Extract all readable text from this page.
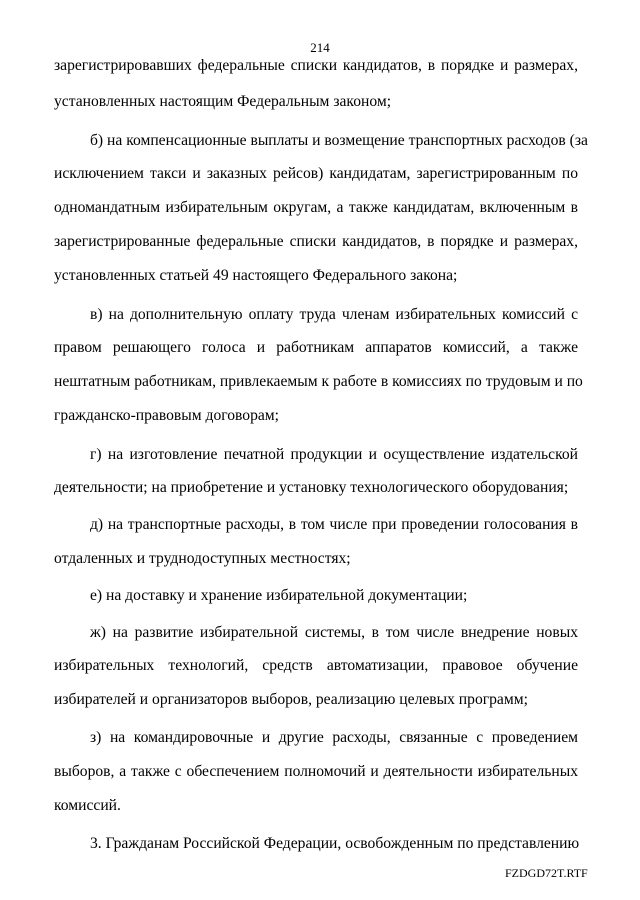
214
зарегистрировавших федеральные списки кандидатов, в порядке и размерах,
установленных настоящим Федеральным законом;
б) на компенсационные выплаты и возмещение транспортных расходов (за
исключением такси и заказных рейсов) кандидатам, зарегистрированным по
одномандатным избирательным округам, а также кандидатам, включенным в
зарегистрированные федеральные списки кандидатов, в порядке и размерах,
установленных статьей 49 настоящего Федерального закона;
в) на дополнительную оплату труда членам избирательных комиссий с
правом решающего голоса и работникам аппаратов комиссий, а также
нештатным работникам, привлекаемым к работе в комиссиях по трудовым и по
гражданско-правовым договорам;
г) на изготовление печатной продукции и осуществление издательской
деятельности; на приобретение и установку технологического оборудования;
д) на транспортные расходы, в том числе при проведении голосования в
отдаленных и труднодоступных местностях;
е) на доставку и хранение избирательной документации;
ж) на развитие избирательной системы, в том числе внедрение новых
избирательных технологий, средств автоматизации, правовое обучение
избирателей и организаторов выборов, реализацию целевых программ;
з) на командировочные и другие расходы, связанные с проведением
выборов, а также с обеспечением полномочий и деятельности избирательных
комиссий.
3. Гражданам Российской Федерации, освобожденным по представлению
FZDGD72T.RTF
